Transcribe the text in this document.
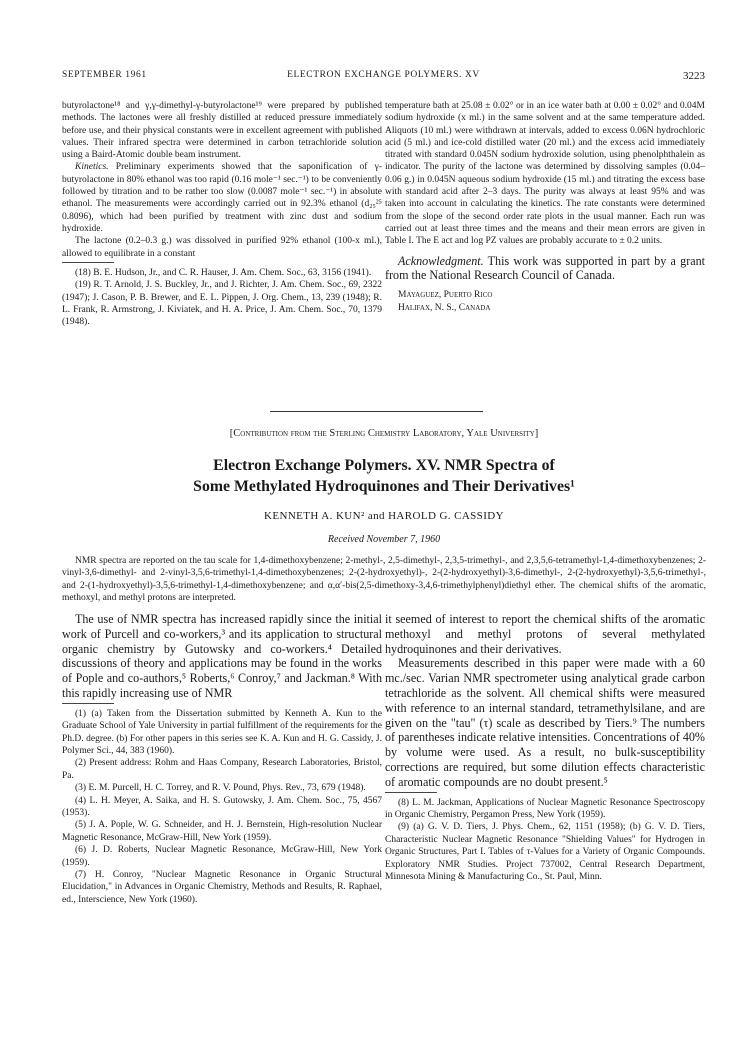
SEPTEMBER 1961	ELECTRON EXCHANGE POLYMERS. XV	3223

butyrolactone¹⁸ and γ,γ-dimethyl-γ-butyrolactone¹⁹ were prepared by published methods. The lactones were all freshly distilled at reduced pressure immediately before use, and their physical constants were in excellent agreement with published values. Their infrared spectra were determined in carbon tetrachloride solution using a Baird-Atomic double beam instrument.

Kinetics. Preliminary experiments showed that the saponification of γ-butyrolactone in 80% ethanol was too rapid (0.16 mole⁻¹ sec.⁻¹) to be conveniently followed by titration and to be rather too slow (0.0087 mole⁻¹ sec.⁻¹) in absolute ethanol. The measurements were accordingly carried out in 92.3% ethanol (d₂₅²⁵ 0.8096), which had been purified by treatment with zinc dust and sodium hydroxide.

The lactone (0.2–0.3 g.) was dissolved in purified 92% ethanol (100-x ml.), allowed to equilibrate in a constant

(18) B. E. Hudson, Jr., and C. R. Hauser, J. Am. Chem. Soc., 63, 3156 (1941).

(19) R. T. Arnold, J. S. Buckley, Jr., and J. Richter, J. Am. Chem. Soc., 69, 2322 (1947); J. Cason, P. B. Brewer, and E. L. Pippen, J. Org. Chem., 13, 239 (1948); R. L. Frank, R. Armstrong, J. Kiviatek, and H. A. Price, J. Am. Chem. Soc., 70, 1379 (1948).

temperature bath at 25.08 ± 0.02° or in an ice water bath at 0.00 ± 0.02° and 0.04M sodium hydroxide (x ml.) in the same solvent and at the same temperature added. Aliquots (10 ml.) were withdrawn at intervals, added to excess 0.06N hydrochloric acid (5 ml.) and ice-cold distilled water (20 ml.) and the excess acid immediately titrated with standard 0.045N sodium hydroxide solution, using phenolphthalein as indicator. The purity of the lactone was determined by dissolving samples (0.04–0.06 g.) in 0.045N aqueous sodium hydroxide (15 ml.) and titrating the excess base with standard acid after 2–3 days. The purity was always at least 95% and was taken into account in calculating the kinetics. The rate constants were determined from the slope of the second order rate plots in the usual manner. Each run was carried out at least three times and the means and their mean errors are given in Table I. The E act and log PZ values are probably accurate to ± 0.2 units.

Acknowledgment. This work was supported in part by a grant from the National Research Council of Canada.

Mayaguez, Puerto Rico

Halifax, N. S., Canada

[Contribution from the Sterling Chemistry Laboratory, Yale University]
Electron Exchange Polymers. XV. NMR Spectra of
Some Methylated Hydroquinones and Their Derivatives¹
KENNETH A. KUN² and HAROLD G. CASSIDY
Received November 7, 1960

NMR spectra are reported on the tau scale for 1,4-dimethoxybenzene; 2-methyl-, 2,5-dimethyl-, 2,3,5-trimethyl-, and 2,3,5,6-tetramethyl-1,4-dimethoxybenzenes; 2-vinyl-3,6-dimethyl- and 2-vinyl-3,5,6-trimethyl-1,4-dimethoxybenzenes; 2-(2-hydroxyethyl)-, 2-(2-hydroxyethyl)-3,6-dimethyl-, 2-(2-hydroxyethyl)-3,5,6-trimethyl-, and 2-(1-hydroxyethyl)-3,5,6-trimethyl-1,4-dimethoxybenzene; and α,α′-bis(2,5-dimethoxy-3,4,6-trimethylphenyl)diethyl ether. The chemical shifts of the aromatic, methoxyl, and methyl protons are interpreted.

The use of NMR spectra has increased rapidly since the initial work of Purcell and co-workers,³ and its application to structural organic chemistry by Gutowsky and co-workers.⁴ Detailed discussions of theory and applications may be found in the works of Pople and co-authors,⁵ Roberts,⁶ Conroy,⁷ and Jackman.⁸ With this rapidly increasing use of NMR

(1) (a) Taken from the Dissertation submitted by Kenneth A. Kun to the Graduate School of Yale University in partial fulfillment of the requirements for the Ph.D. degree. (b) For other papers in this series see K. A. Kun and H. G. Cassidy, J. Polymer Sci., 44, 383 (1960).

(2) Present address: Rohm and Haas Company, Research Laboratories, Bristol, Pa.

(3) E. M. Purcell, H. C. Torrey, and R. V. Pound, Phys. Rev., 73, 679 (1948).

(4) L. H. Meyer, A. Saika, and H. S. Gutowsky, J. Am. Chem. Soc., 75, 4567 (1953).

(5) J. A. Pople, W. G. Schneider, and H. J. Bernstein, High-resolution Nuclear Magnetic Resonance, McGraw-Hill, New York (1959).

(6) J. D. Roberts, Nuclear Magnetic Resonance, McGraw-Hill, New York (1959).

(7) H. Conroy, "Nuclear Magnetic Resonance in Organic Structural Elucidation," in Advances in Organic Chemistry, Methods and Results, R. Raphael, ed., Interscience, New York (1960).

it seemed of interest to report the chemical shifts of the aromatic methoxyl and methyl protons of several methylated hydroquinones and their derivatives.

Measurements described in this paper were made with a 60 mc./sec. Varian NMR spectrometer using analytical grade carbon tetrachloride as the solvent. All chemical shifts were measured with reference to an internal standard, tetramethylsilane, and are given on the "tau" (τ) scale as described by Tiers.⁹ The numbers of parentheses indicate relative intensities. Concentrations of 40% by volume were used. As a result, no bulk-susceptibility corrections are required, but some dilution effects characteristic of aromatic compounds are no doubt present.⁵

(8) L. M. Jackman, Applications of Nuclear Magnetic Resonance Spectroscopy in Organic Chemistry, Pergamon Press, New York (1959).

(9) (a) G. V. D. Tiers, J. Phys. Chem., 62, 1151 (1958); (b) G. V. D. Tiers, Characteristic Nuclear Magnetic Resonance "Shielding Values" for Hydrogen in Organic Structures, Part I. Tables of τ-Values for a Variety of Organic Compounds. Exploratory NMR Studies. Project 737002, Central Research Department, Minnesota Mining & Manufacturing Co., St. Paul, Minn.
